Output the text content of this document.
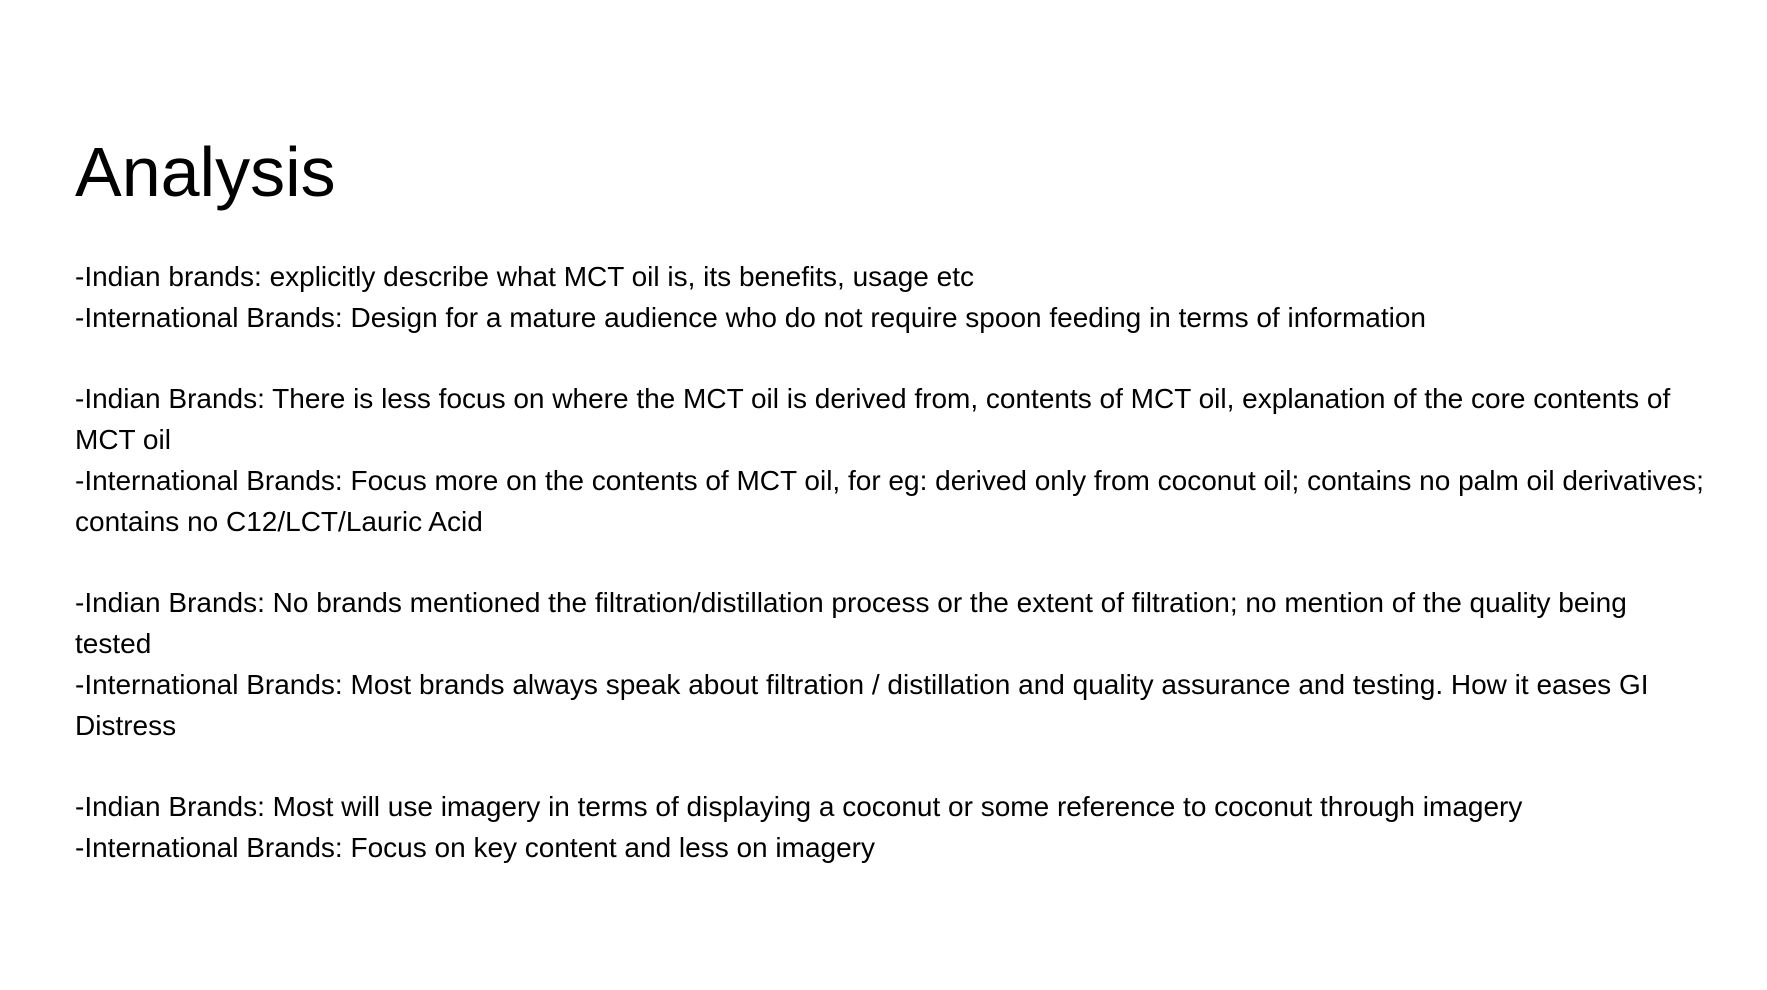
Analysis

-Indian brands: explicitly describe what MCT oil is, its benefits, usage etc

-International Brands: Design for a mature audience who do not require spoon feeding in terms of information

-Indian Brands: There is less focus on where the MCT oil is derived from, contents of MCT oil, explanation of the core contents of MCT oil

-International Brands: Focus more on the contents of MCT oil, for eg: derived only from coconut oil; contains no palm oil derivatives; contains no C12/LCT/Lauric Acid

-Indian Brands: No brands mentioned the filtration/distillation process or the extent of filtration; no mention of the quality being tested

-International Brands: Most brands always speak about filtration / distillation and quality assurance and testing. How it eases GI Distress

-Indian Brands: Most will use imagery in terms of displaying a coconut or some reference to coconut through imagery

-International Brands: Focus on key content and less on imagery
